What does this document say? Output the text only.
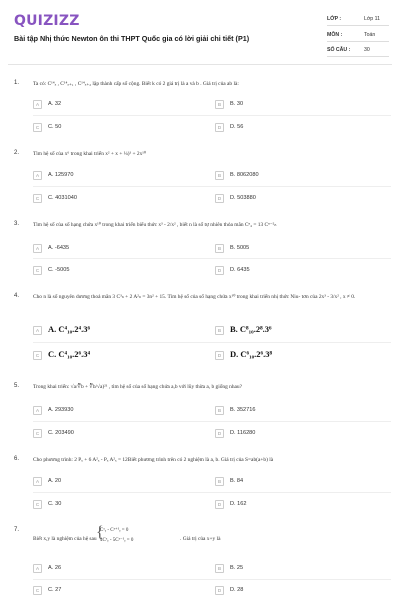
QUIZIZZ
Bài tập Nhị thức Newton ôn thi THPT Quốc gia có lời giải chi tiết (P1)
LỚP :	Lớp 11
MÔN :	Toán
SỐ CÂU :	30
1.	Ta có: C¹⁴ₓ , C¹⁴ₓ₊₁ , C¹⁴ₓ₊₂ lập thành cấp số cộng. Biết k có 2 giá trị là a và b . Giá trị của ab là:
A	A. 32	B	B. 30
C	C. 50	D	D. 56
2.	Tìm hệ số của x⁶ trong khai triển x² + x + ¼)¹ + 2x¹⁰
A	A. 125970	B	B. 8062080
C	C. 4031040	D	D. 503880
3.	Tìm hệ số của số hạng chứa x¹⁰ trong khai triển biểu thức x³ - 2/x² , biết n là số tự nhiên thỏa mãn Cⁿ₄ = 13 Cⁿ⁻²ₙ
A	A. -6435	B	B. 5005
C	C. -5005	D	D. 6435
4.	Cho n là số nguyên dương thoả mãn 3 C³ₙ + 2 A²ₙ = 3n² + 15. Tìm hệ số của số hạng chứa x¹⁰ trong khai triển nhị thức Niu- tơn của 2x³ - 3/x² , x ≠ 0.
A	A. C⁴₁₀.2⁴.3⁶	B	B. C⁸₁₀.2⁸.3⁶
C	C. C⁴₁₀.2⁶.3⁴	D	D. C⁶₁₀.2⁶.3⁸
5.	Trong khai triển: √a/∛b + ∛b/√a)²¹ , tìm hệ số của số hạng chứa a,b với lũy thừa a, b giống nhau?
A	A. 293930	B	B. 352716
C	C. 203490	D	D. 116280
6.	Cho phương trình: 2 Pₓ + 6 A²ₓ - Pₓ A²ₓ = 12Biết phương trình trên có 2 nghiệm là a, b. Giá trị của S=ab(a+b) là
A	A. 20	B	B. 84
C	C. 30	D	D. 162
7.
Biết x,y là nghiệm của hệ sau {
Cˣᵧ - Cˣ⁺¹ᵧ = 0
4Cˣᵧ - 5Cˣ⁻¹ᵧ = 0	. Giá trị của x+y là
A	A. 26	B	B. 25
C	C. 27	D	D. 28
